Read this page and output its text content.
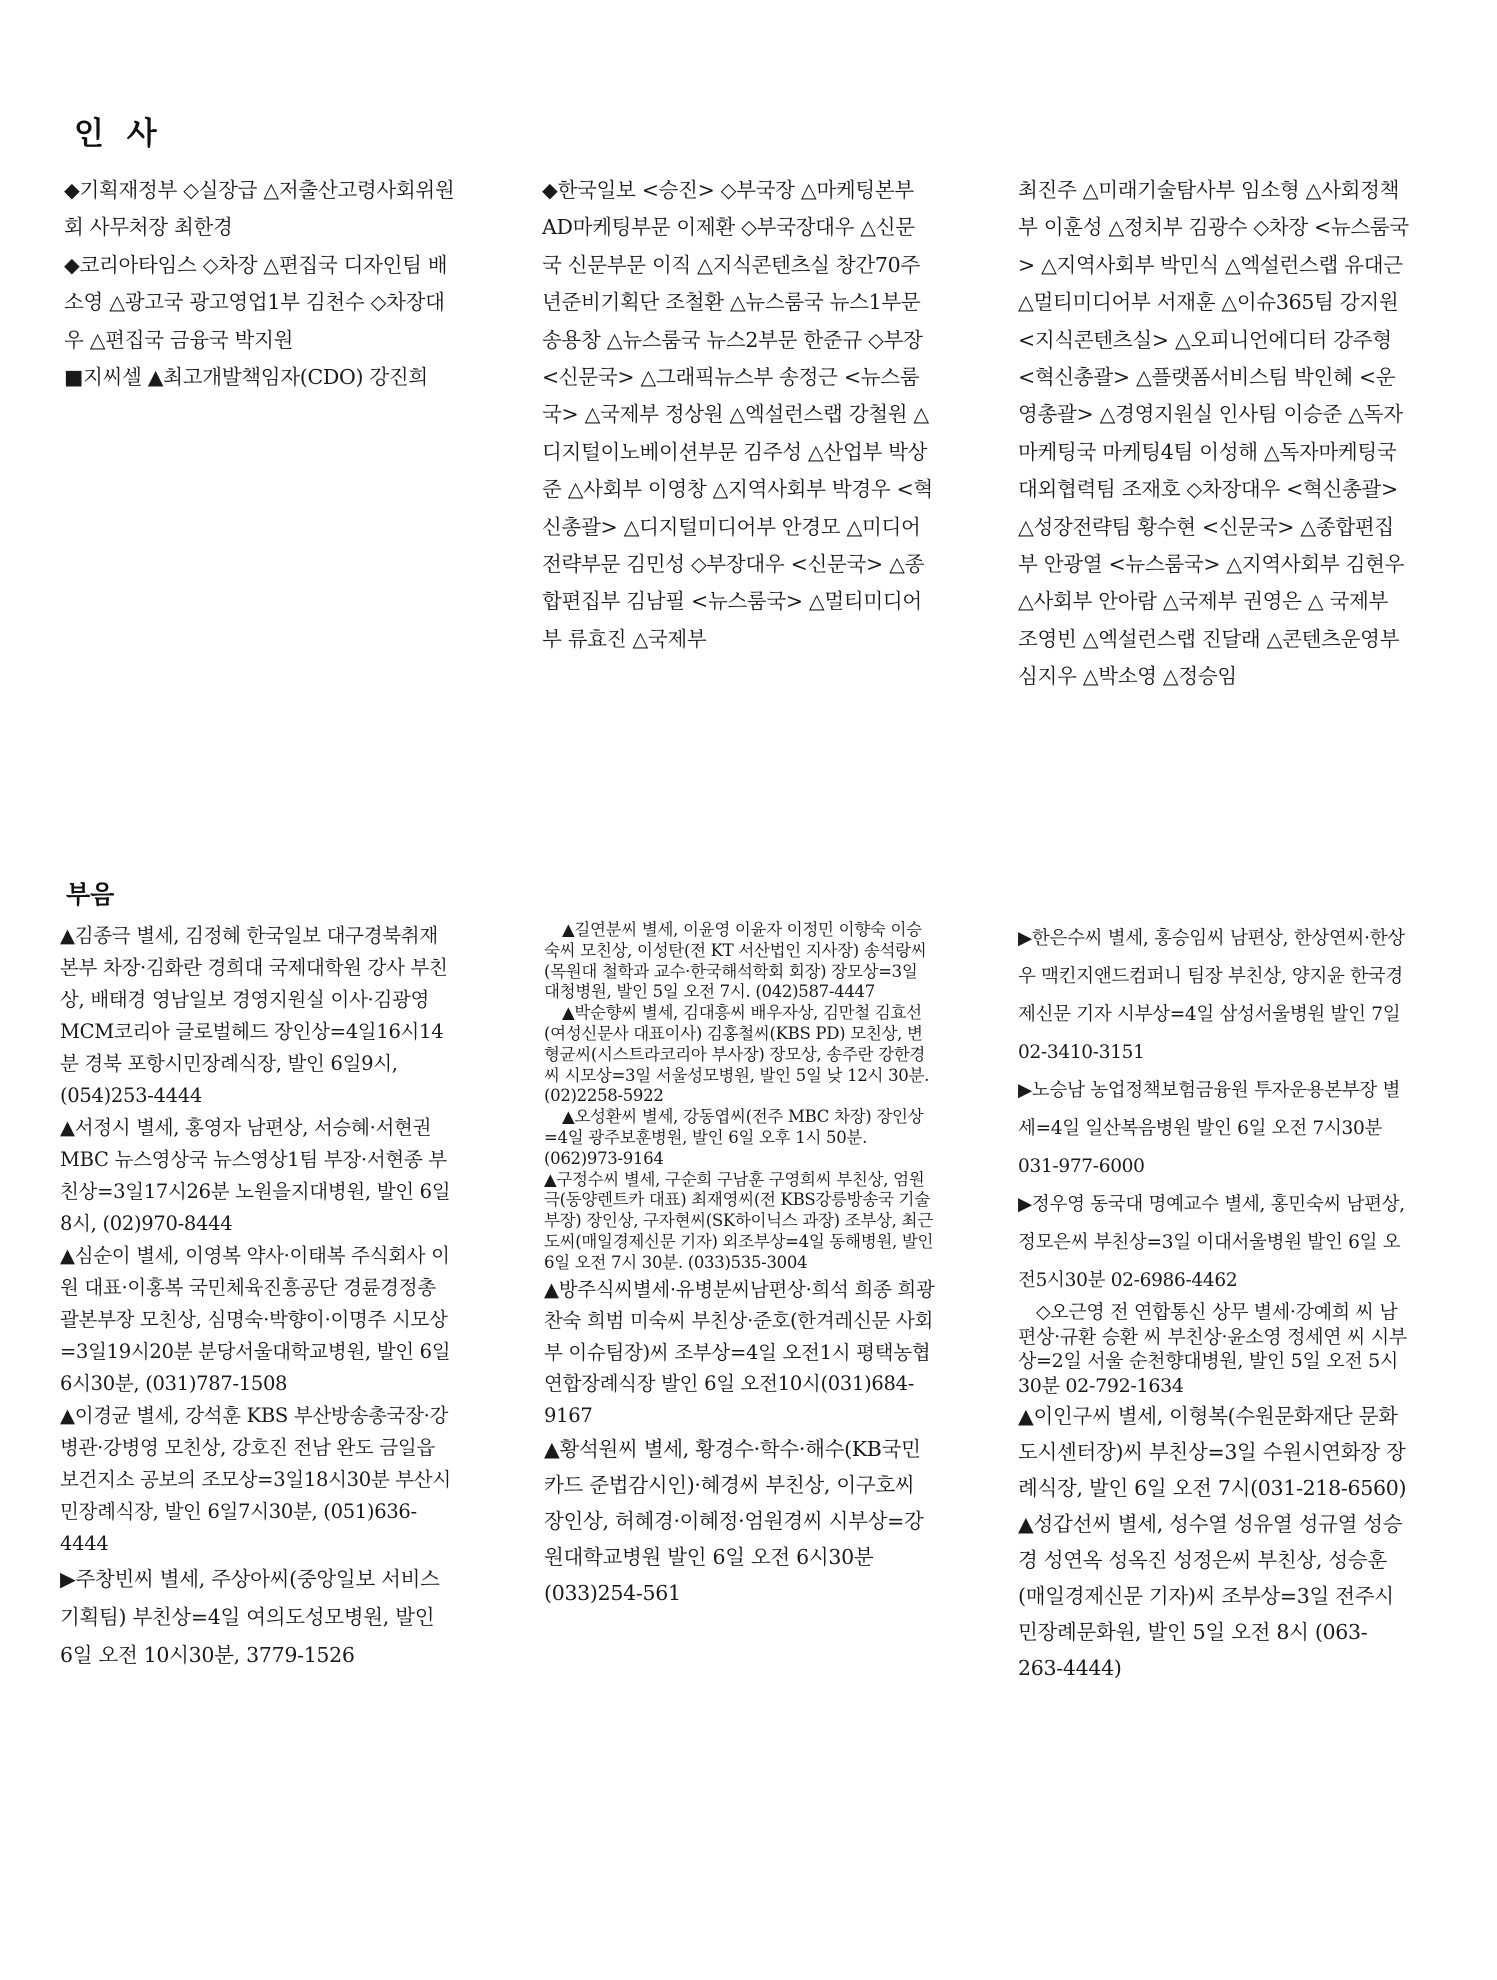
인 사

◆기획재정부 ◇실장급 △저출산고령사회위원회 사무처장 최한경

◆코리아타임스 ◇차장 △편집국 디자인팀 배소영 △광고국 광고영업1부 김천수 ◇차장대우 △편집국 금융국 박지원

■지씨셀 ▲최고개발책임자(CDO) 강진희

◆한국일보 <승진> ◇부국장 △마케팅본부 AD마케팅부문 이제환 ◇부국장대우 △신문국 신문부문 이직 △지식콘텐츠실 창간70주년준비기획단 조철환 △뉴스룸국 뉴스1부문 송용창 △뉴스룸국 뉴스2부문 한준규 ◇부장 <신문국> △그래픽뉴스부 송정근 <뉴스룸국> △국제부 정상원 △엑설런스랩 강철원 △디지털이노베이션부문 김주성 △산업부 박상준 △사회부 이영창 △지역사회부 박경우 <혁신총괄> △디지털미디어부 안경모 △미디어전략부문 김민성 ◇부장대우 <신문국> △종합편집부 김남필 <뉴스룸국> △멀티미디어부 류효진 △국제부

최진주 △미래기술탐사부 임소형 △사회정책부 이훈성 △정치부 김광수 ◇차장 <뉴스룸국> △지역사회부 박민식 △엑설런스랩 유대근 △멀티미디어부 서재훈 △이슈365팀 강지원 <지식콘텐츠실> △오피니언에디터 강주형 <혁신총괄> △플랫폼서비스팀 박인혜 <운영총괄> △경영지원실 인사팀 이승준 △독자마케팅국 마케팅4팀 이성해 △독자마케팅국 대외협력팀 조재호 ◇차장대우 <혁신총괄> △성장전략팀 황수현 <신문국> △종합편집부 안광열 <뉴스룸국> △지역사회부 김현우 △사회부 안아람 △국제부 권영은 △ 국제부 조영빈 △엑설런스랩 진달래 △콘텐츠운영부 심지우 △박소영 △정승임

부음

▲김종극 별세, 김정혜 한국일보 대구경북취재본부 차장·김화란 경희대 국제대학원 강사 부친상, 배태경 영남일보 경영지원실 이사·김광영 MCM코리아 글로벌헤드 장인상=4일16시14분 경북 포항시민장례식장, 발인 6일9시, (054)253-4444

▲서정시 별세, 홍영자 남편상, 서승혜·서현권 MBC 뉴스영상국 뉴스영상1팀 부장·서현종 부친상=3일17시26분 노원을지대병원, 발인 6일8시, (02)970-8444

▲심순이 별세, 이영복 약사·이태복 주식회사 이원 대표·이홍복 국민체육진흥공단 경륜경정총괄본부장 모친상, 심명숙·박향이·이명주 시모상=3일19시20분 분당서울대학교병원, 발인 6일6시30분, (031)787-1508

▲이경균 별세, 강석훈 KBS 부산방송총국장·강병관·강병영 모친상, 강호진 전남 완도 금일읍보건지소 공보의 조모상=3일18시30분 부산시민장례식장, 발인 6일7시30분, (051)636-4444

▶주창빈씨 별세, 주상아씨(중앙일보 서비스기획팀) 부친상=4일 여의도성모병원, 발인 6일 오전 10시30분, 3779-1526

▲길연분씨 별세, 이윤영 이윤자 이정민 이향숙 이승숙씨 모친상, 이성탄(전 KT 서산법인 지사장) 송석랑씨(목원대 철학과 교수·한국해석학회 회장) 장모상=3일 대청병원, 발인 5일 오전 7시. (042)587-4447

▲박순향씨 별세, 김대흥씨 배우자상, 김만철 김효선(여성신문사 대표이사) 김홍철씨(KBS PD) 모친상, 변형균씨(시스트라코리아 부사장) 장모상, 송주란 강한경씨 시모상=3일 서울성모병원, 발인 5일 낮 12시 30분. (02)2258-5922

▲오성환씨 별세, 강동엽씨(전주 MBC 차장) 장인상=4일 광주보훈병원, 발인 6일 오후 1시 50분. (062)973-9164

▲구정수씨 별세, 구순희 구남훈 구영희씨 부친상, 엄원극(동양렌트카 대표) 최재영씨(전 KBS강릉방송국 기술부장) 장인상, 구자현씨(SK하이닉스 과장) 조부상, 최근도씨(매일경제신문 기자) 외조부상=4일 동해병원, 발인 6일 오전 7시 30분. (033)535-3004

▲방주식씨별세·유병분씨남편상·희석 희종 희광 찬숙 희범 미숙씨 부친상·준호(한겨레신문 사회부 이슈팀장)씨 조부상=4일 오전1시 평택농협연합장례식장 발인 6일 오전10시(031)684-9167

▲황석원씨 별세, 황경수·학수·해수(KB국민카드 준법감시인)·혜경씨 부친상, 이구호씨 장인상, 허혜경·이혜정·엄원경씨 시부상=강원대학교병원 발인 6일 오전 6시30분 (033)254-561

▶한은수씨 별세, 홍승임씨 남편상, 한상연씨·한상우 맥킨지앤드컴퍼니 팀장 부친상, 양지윤 한국경제신문 기자 시부상=4일 삼성서울병원 발인 7일 02-3410-3151

▶노승남 농업정책보험금융원 투자운용본부장 별세=4일 일산복음병원 발인 6일 오전 7시30분 031-977-6000

▶정우영 동국대 명예교수 별세, 홍민숙씨 남편상, 정모은씨 부친상=3일 이대서울병원 발인 6일 오전5시30분 02-6986-4462

◇오근영 전 연합통신 상무 별세·강예희 씨 남편상·규환 승환 씨 부친상·윤소영 정세연 씨 시부상=2일 서울 순천향대병원, 발인 5일 오전 5시 30분 02-792-1634

▲이인구씨 별세, 이형복(수원문화재단 문화도시센터장)씨 부친상=3일 수원시연화장 장례식장, 발인 6일 오전 7시(031-218-6560)

▲성갑선씨 별세, 성수열 성유열 성규열 성승경 성연옥 성옥진 성정은씨 부친상, 성승훈(매일경제신문 기자)씨 조부상=3일 전주시민장례문화원, 발인 5일 오전 8시 (063-263-4444)
